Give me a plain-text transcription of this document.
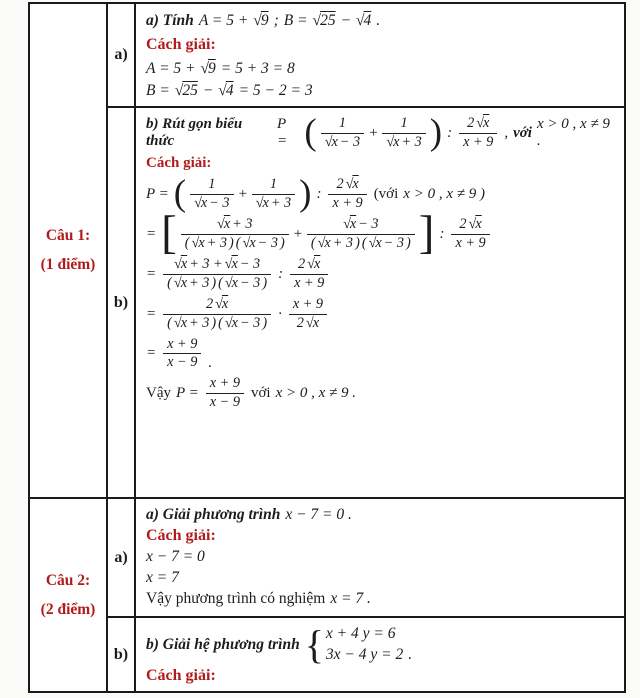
Câu 1:
(1 điểm)
a)
a) Tính A = 5 + √ 9 ; B = √ 25 − √ 4 .
Cách giải:
A = 5 + √ 9 = 5 + 3 = 8
B = √ 25 − √ 4 = 5 − 2 = 3
b)
b) Rút gọn biểu thức
P =	( 1
√ $\overline{x} - 3 + 1$
√ $\overline{x} + 3$
) : $\frac{2 √ \overline{x}}{x + 9}$ , với
x > 0 , x ≠ 9 .
Cách giải:
P = ( 1
√ $\overline{x} - 3 + 1$
√ $\overline{x} + 3$
) : $\frac{2 √ \overline{x}}{x + 9}$ (với x > 0 , x ≠ 9 )
= √ [ $\frac{\overline{x} + 3}{( √ \overline{x} + 3 ) ( √ \overline{x} - 3 )}$ + √ $\frac{\overline{x} - 3}{( √ \overline{x} + 3 ) ( √ \overline{x} - 3 )}$
] : $\frac{2 √ \overline{x}}{x + 9}$
= √ $\frac{\overline{x} + 3 + √ \overline{x} - 3}{( √ \overline{x} + 3 ) ( √ \overline{x} - 3 )}$ : $\frac{2 √ \overline{x}}{x + 9}$
= $\frac{2 √ \overline{x}}{( √ \overline{x} + 3 ) ( √ \overline{x} - 3 )} \cdot \frac{x + 9}{2 √ \overline{x}}$
= $\frac{x + 9}{x - 9}$ .
Vậy $P = \frac{x + 9}{x - 9}$ với x > 0 , x ≠ 9 .
Câu 2:
(2 điểm)
a)
a) Giải phương trình x − 7 = 0 .
Cách giải:
x − 7 = 0
x = 7
Vậy phương trình có nghiệm x = 7 .
b)
b) Giải hệ phương trình
{ x + 4 y = 6
3x − 4 y = 2 .
Cách giải:
